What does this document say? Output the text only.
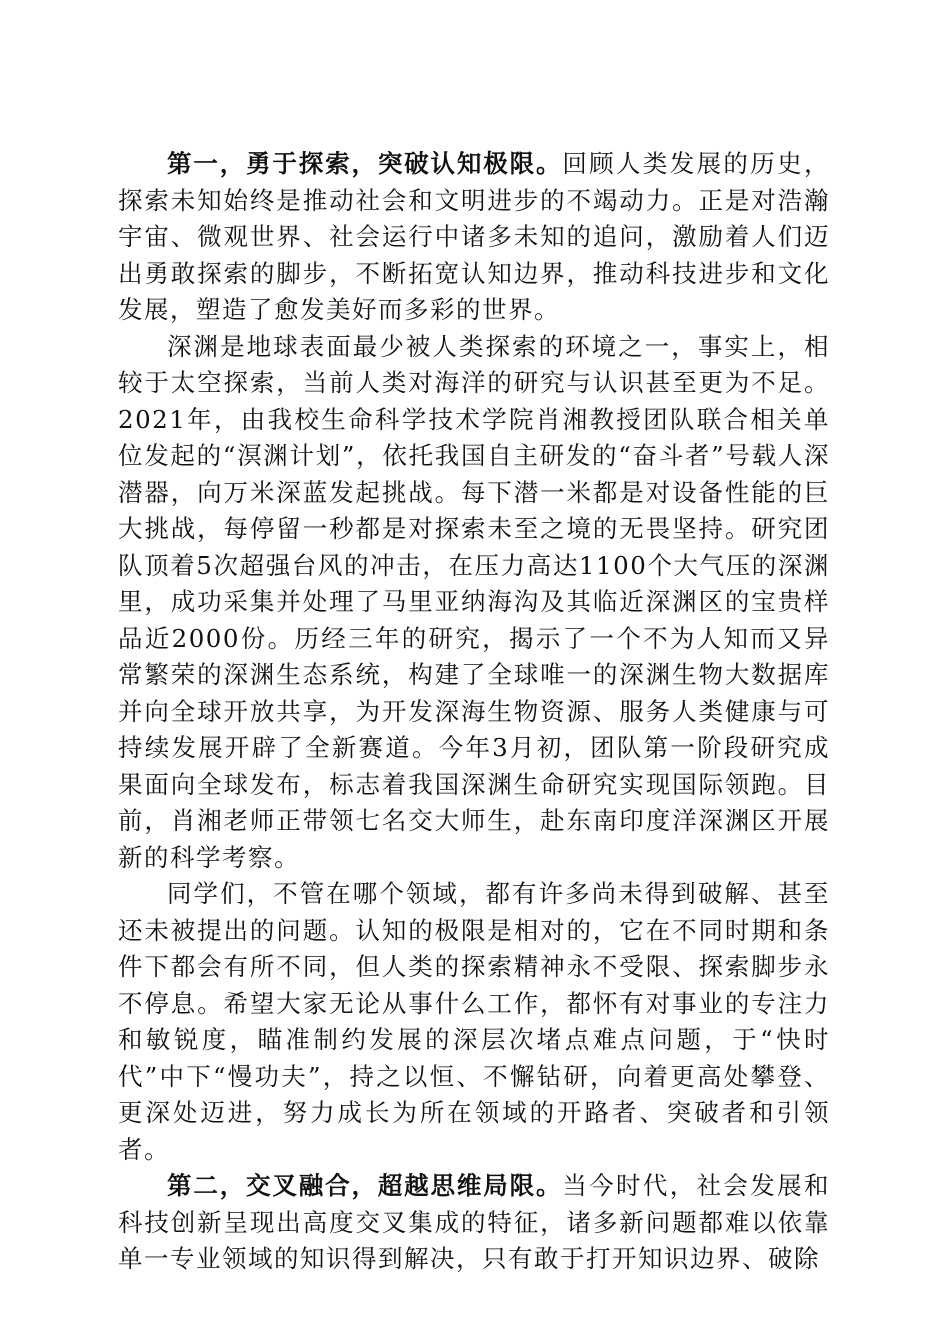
第一，勇于探索，突破认知极限。回顾人类发展的历史，探索未知始终是推动社会和文明进步的不竭动力。正是对浩瀚宇宙、微观世界、社会运行中诸多未知的追问，激励着人们迈出勇敢探索的脚步，不断拓宽认知边界，推动科技进步和文化发展，塑造了愈发美好而多彩的世界。

深渊是地球表面最少被人类探索的环境之一，事实上，相较于太空探索，当前人类对海洋的研究与认识甚至更为不足。2021年，由我校生命科学技术学院肖湘教授团队联合相关单位发起的“溟渊计划”，依托我国自主研发的“奋斗者”号载人深潜器，向万米深蓝发起挑战。每下潜一米都是对设备性能的巨大挑战，每停留一秒都是对探索未至之境的无畏坚持。研究团队顶着5次超强台风的冲击，在压力高达1100个大气压的深渊里，成功采集并处理了马里亚纳海沟及其临近深渊区的宝贵样品近2000份。历经三年的研究，揭示了一个不为人知而又异常繁荣的深渊生态系统，构建了全球唯一的深渊生物大数据库并向全球开放共享，为开发深海生物资源、服务人类健康与可持续发展开辟了全新赛道。今年3月初，团队第一阶段研究成果面向全球发布，标志着我国深渊生命研究实现国际领跑。目前，肖湘老师正带领七名交大师生，赴东南印度洋深渊区开展新的科学考察。

同学们，不管在哪个领域，都有许多尚未得到破解、甚至还未被提出的问题。认知的极限是相对的，它在不同时期和条件下都会有所不同，但人类的探索精神永不受限、探索脚步永不停息。希望大家无论从事什么工作，都怀有对事业的专注力和敏锐度，瞄准制约发展的深层次堵点难点问题，于“快时代”中下“慢功夫”，持之以恒、不懈钻研，向着更高处攀登、更深处迈进，努力成长为所在领域的开路者、突破者和引领者。

第二，交叉融合，超越思维局限。当今时代，社会发展和科技创新呈现出高度交叉集成的特征，诸多新问题都难以依靠单一专业领域的知识得到解决，只有敢于打开知识边界、破除
